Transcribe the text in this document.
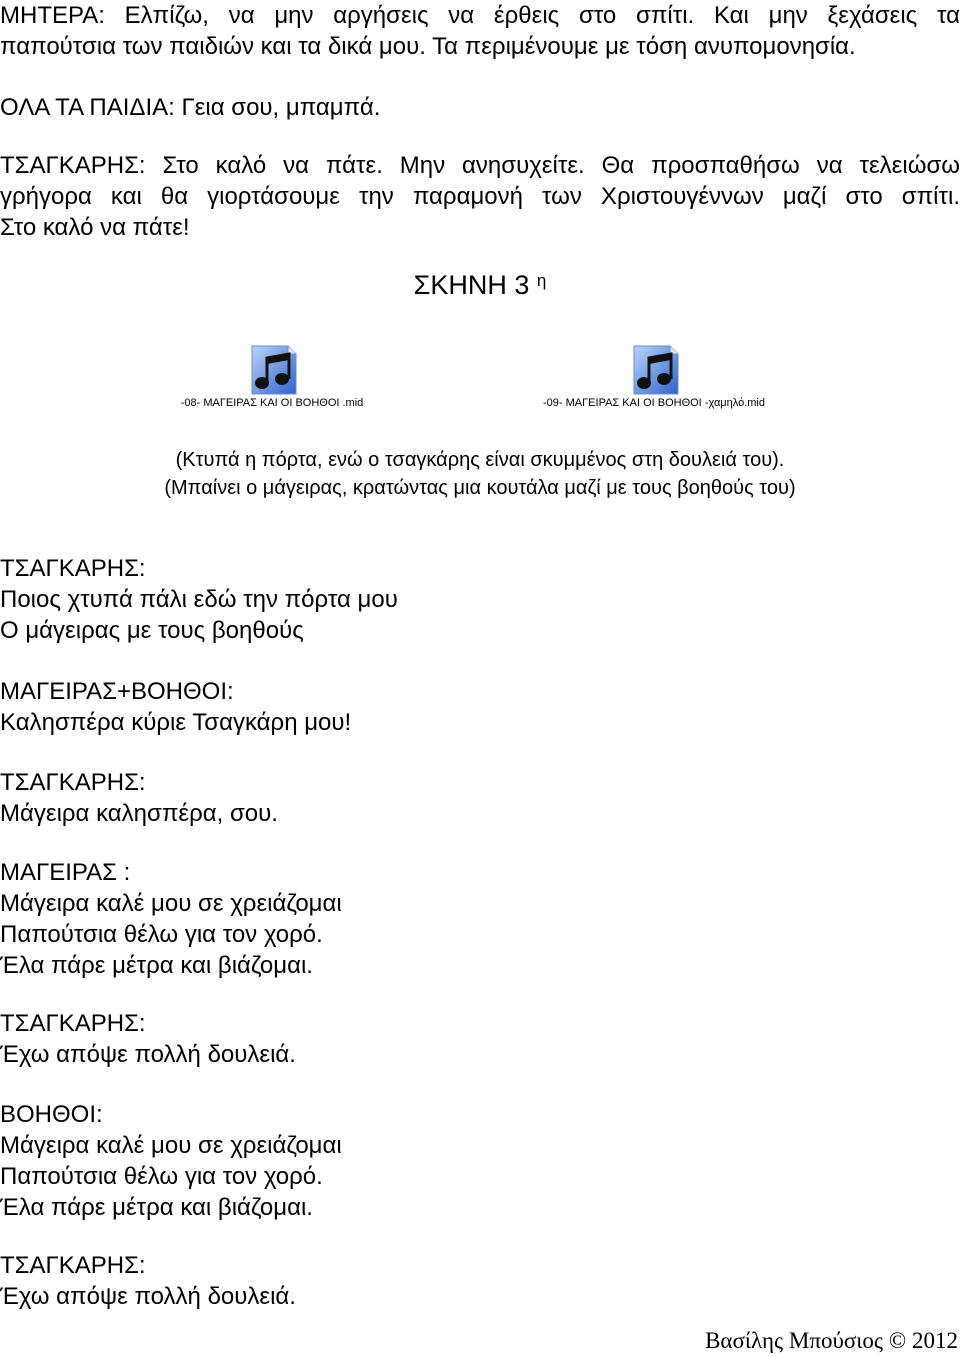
ΜΗΤΕΡΑ: Ελπίζω, να μην αργήσεις να έρθεις στο σπίτι. Και μην ξεχάσεις τα
παπούτσια των παιδιών και τα δικά μου. Τα περιμένουμε με τόση ανυπομονησία.
ΟΛΑ ΤΑ ΠΑΙΔΙΑ: Γεια σου, μπαμπά.
ΤΣΑΓΚΑΡΗΣ: Στο καλό να πάτε. Μην ανησυχείτε. Θα προσπαθήσω να τελειώσω
γρήγορα και θα γιορτάσουμε την παραμονή των Χριστουγέννων μαζί στο σπίτι.
Στο καλό να πάτε!
ΣΚΗΝΗ 3 $^\eta$
-08- ΜΑΓΕΙΡΑΣ ΚΑΙ ΟΙ ΒΟΗΘΟΙ .mid	-09- ΜΑΓΕΙΡΑΣ ΚΑΙ ΟΙ ΒΟΗΘΟΙ -χαμηλό.mid
(Κτυπά η πόρτα, ενώ ο τσαγκάρης είναι σκυμμένος στη δουλειά του).
(Μπαίνει ο μάγειρας, κρατώντας μια κουτάλα μαζί με τους βοηθούς του)
ΤΣΑΓΚΑΡΗΣ:
Ποιος χτυπά πάλι εδώ την πόρτα μου
Ο μάγειρας με τους βοηθούς
ΜΑΓΕΙΡΑΣ+ΒΟΗΘΟΙ:
Καλησπέρα κύριε Τσαγκάρη μου!
ΤΣΑΓΚΑΡΗΣ:
Μάγειρα καλησπέρα, σου.
ΜΑΓΕΙΡΑΣ :
Μάγειρα καλέ μου σε χρειάζομαι
Παπούτσια θέλω για τον χορό.
Έλα πάρε μέτρα και βιάζομαι.
ΤΣΑΓΚΑΡΗΣ:
Έχω απόψε πολλή δουλειά.
ΒΟΗΘΟΙ:
Μάγειρα καλέ μου σε χρειάζομαι
Παπούτσια θέλω για τον χορό.
Έλα πάρε μέτρα και βιάζομαι.
ΤΣΑΓΚΑΡΗΣ:
Έχω απόψε πολλή δουλειά.
Βασίλης Μπούσιος © 2012
